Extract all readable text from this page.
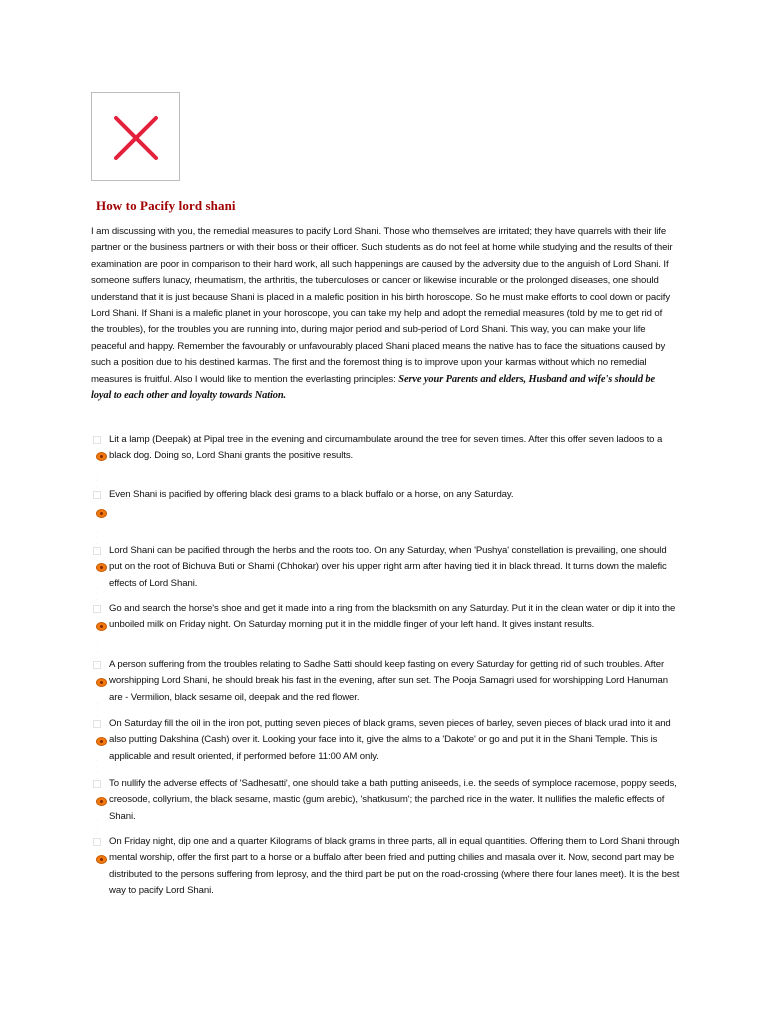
How to Pacify lord shani

I am discussing with you, the remedial measures to pacify Lord Shani. Those who themselves are irritated; they have quarrels with their life partner or the business partners or with their boss or their officer. Such students as do not feel at home while studying and the results of their examination are poor in comparison to their hard work, all such happenings are caused by the adversity due to the anguish of Lord Shani. If someone suffers lunacy, rheumatism, the arthritis, the tuberculoses or cancer or likewise incurable or the prolonged diseases, one should understand that it is just because Shani is placed in a malefic position in his birth horoscope. So he must make efforts to cool down or pacify Lord Shani. If Shani is a malefic planet in your horoscope, you can take my help and adopt the remedial measures (told by me to get rid of the troubles), for the troubles you are running into, during major period and sub-period of Lord Shani. This way, you can make your life peaceful and happy. Remember the favourably or unfavourably placed Shani placed means the native has to face the situations caused by such a position due to his destined karmas. The first and the foremost thing is to improve upon your karmas without which no remedial measures is fruitful. Also I would like to mention the everlasting principles: Serve your Parents and elders, Husband and wife's should be loyal to each other and loyalty towards Nation.

· · · ·

Lit a lamp (Deepak) at Pipal tree in the evening and circumambulate around the tree for seven times. After this offer seven ladoos to a black dog. Doing so, Lord Shani grants the positive results.

· · · ·

Even Shani is pacified by offering black desi grams to a black buffalo or a horse, on any Saturday.

· · · ·

Lord Shani can be pacified through the herbs and the roots too. On any Saturday, when 'Pushya' constellation is prevailing, one should put on the root of Bichuva Buti or Shami (Chhokar) over his upper right arm after having tied it in black thread. It turns down the malefic effects of Lord Shani.

· · · ·

Go and search the horse's shoe and get it made into a ring from the blacksmith on any Saturday. Put it in the clean water or dip it into the unboiled milk on Friday night. On Saturday morning put it in the middle finger of your left hand. It gives instant results.

· · · ·

A person suffering from the troubles relating to Sadhe Satti should keep fasting on every Saturday for getting rid of such troubles. After worshipping Lord Shani, he should break his fast in the evening, after sun set. The Pooja Samagri used for worshipping Lord Hanuman are - Vermilion, black sesame oil, deepak and the red flower.

· · · ·

On Saturday fill the oil in the iron pot, putting seven pieces of black grams, seven pieces of barley, seven pieces of black urad into it and also putting Dakshina (Cash) over it. Looking your face into it, give the alms to a 'Dakote' or go and put it in the Shani Temple. This is applicable and result oriented, if performed before 11:00 AM only.

· · · ·

To nullify the adverse effects of 'Sadhesatti', one should take a bath putting aniseeds, i.e. the seeds of symploce racemose, poppy seeds, creosode, collyrium, the black sesame, mastic (gum arebic), 'shatkusum'; the parched rice in the water. It nullifies the malefic effects of Shani.

On Friday night, dip one and a quarter Kilograms of black grams in three parts, all in equal quantities. Offering them to Lord Shani through mental worship, offer the first part to a horse or a buffalo after been fried and putting chilies and masala over it. Now, second part may be distributed to the persons suffering from leprosy, and the third part be put on the road-crossing (where there four lanes meet). It is the best way to pacify Lord Shani.
